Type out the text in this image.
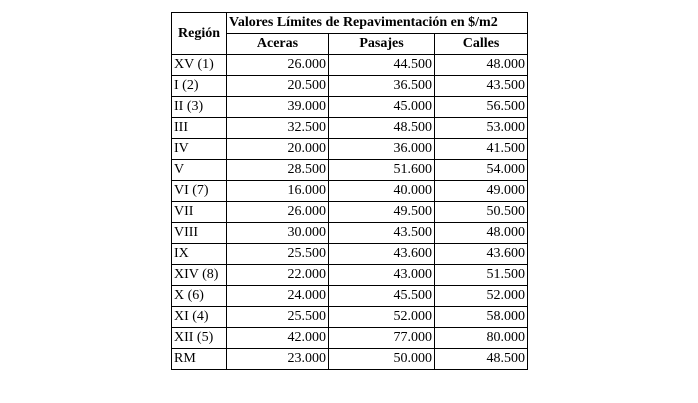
Región	Valores Límites de Repavimentación en $/m2		
	Aceras	Pasajes	Calles
XV (1)	26.000	44.500	48.000
I (2)	20.500	36.500	43.500
II (3)	39.000	45.000	56.500
III	32.500	48.500	53.000
IV	20.000	36.000	41.500
V	28.500	51.600	54.000
VI (7)	16.000	40.000	49.000
VII	26.000	49.500	50.500
VIII	30.000	43.500	48.000
IX	25.500	43.600	43.600
XIV (8)	22.000	43.000	51.500
X (6)	24.000	45.500	52.000
XI (4)	25.500	52.000	58.000
XII (5)	42.000	77.000	80.000
RM	23.000	50.000	48.500
